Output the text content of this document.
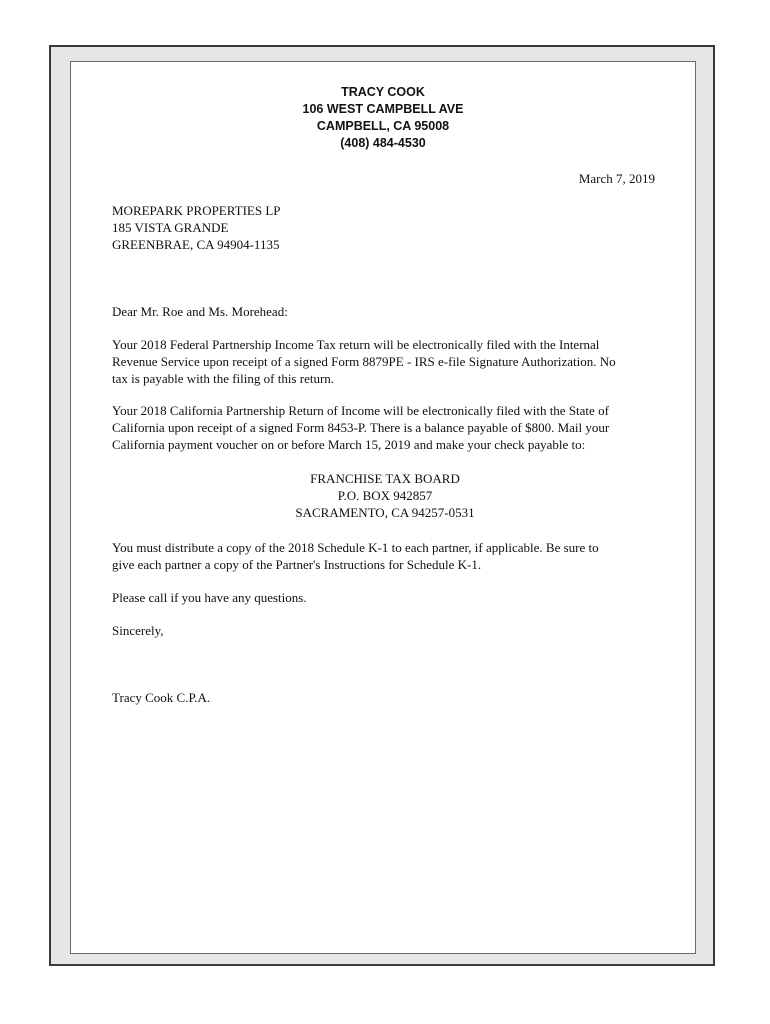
TRACY COOK
106 WEST CAMPBELL AVE
CAMPBELL, CA 95008
(408) 484-4530
March 7, 2019
MOREPARK PROPERTIES LP
185 VISTA GRANDE
GREENBRAE, CA 94904-1135
Dear Mr. Roe and Ms. Morehead:
Your 2018 Federal Partnership Income Tax return will be electronically filed with the Internal
Revenue Service upon receipt of a signed Form 8879PE - IRS e-file Signature Authorization. No
tax is payable with the filing of this return.
Your 2018 California Partnership Return of Income will be electronically filed with the State of
California upon receipt of a signed Form 8453-P. There is a balance payable of $800. Mail your
California payment voucher on or before March 15, 2019 and make your check payable to:
FRANCHISE TAX BOARD
P.O. BOX 942857
SACRAMENTO, CA 94257-0531
You must distribute a copy of the 2018 Schedule K-1 to each partner, if applicable. Be sure to
give each partner a copy of the Partner's Instructions for Schedule K-1.
Please call if you have any questions.
Sincerely,
Tracy Cook C.P.A.
